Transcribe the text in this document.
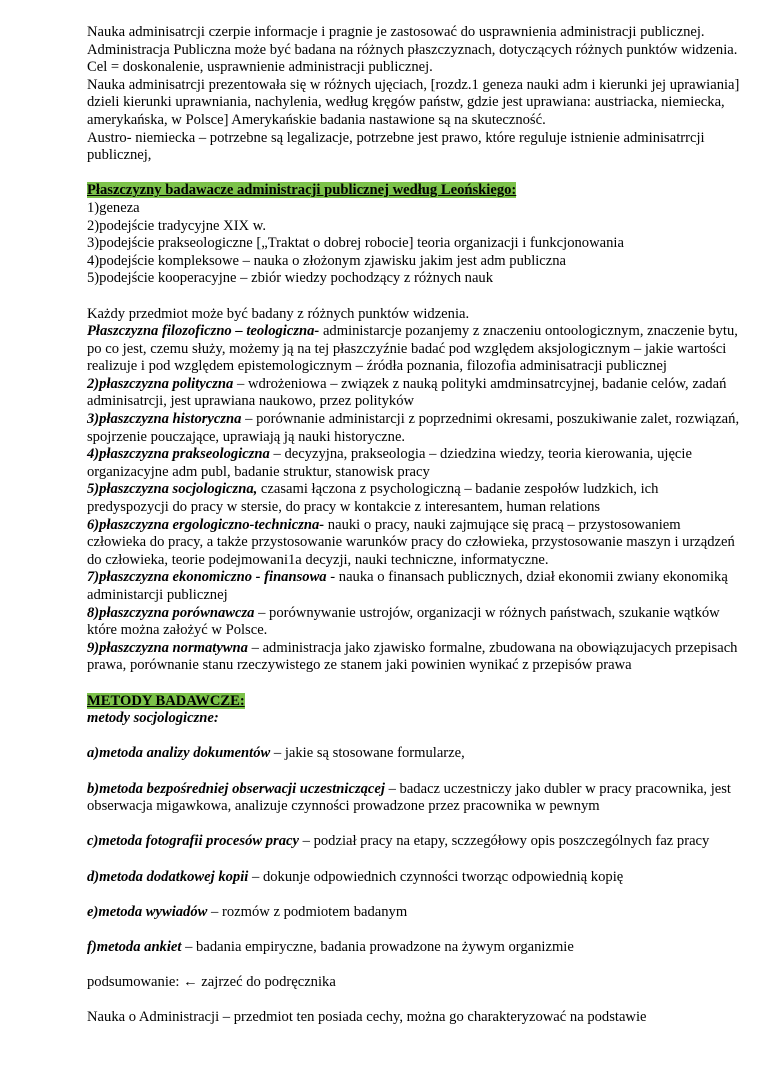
Nauka adminisatrcji czerpie informacje i pragnie je zastosować do usprawnienia administracji publicznej. Administracja Publiczna może być badana na różnych płaszczyznach, dotyczących różnych punktów widzenia. Cel = doskonalenie, usprawnienie administracji publicznej.

Nauka adminisatrcji prezentowała się w różnych ujęciach, [rozdz.1 geneza nauki adm i kierunki jej uprawiania] dzieli kierunki uprawniania, nachylenia, według kręgów państw, gdzie jest uprawiana: austriacka, niemiecka, amerykańska, w Polsce] Amerykańskie badania nastawione są na skuteczność.

Austro- niemiecka – potrzebne są legalizacje, potrzebne jest prawo, które reguluje istnienie adminisatrrcji publicznej,

Płaszczyzny badawacze administracji publicznej według Leońskiego:

1)geneza

2)podejście tradycyjne XIX w.

3)podejście prakseologiczne [„Traktat o dobrej robocie] teoria organizacji i funkcjonowania

4)podejście kompleksowe – nauka o złożonym zjawisku jakim jest adm publiczna

5)podejście kooperacyjne – zbiór wiedzy pochodzący z różnych nauk

Każdy przedmiot może być badany z różnych punktów widzenia.

Płaszczyzna filozoficzno – teologiczna- administarcje pozanjemy z znaczeniu ontoologicznym, znaczenie bytu, po co jest, czemu służy, możemy ją na tej płaszczyźnie badać pod względem aksjologicznym – jakie wartości realizuje i pod względem epistemologicznym – źródła poznania, filozofia adminisatracji publicznej

2)płaszczyzna polityczna – wdrożeniowa – związek z nauką polityki amdminsatrcyjnej, badanie celów, zadań adminisatrcji, jest uprawiana naukowo, przez polityków

3)płaszczyzna historyczna – porównanie administarcji z poprzednimi okresami, poszukiwanie zalet, rozwiązań, spojrzenie pouczające, uprawiają ją nauki historyczne.

4)płaszczyzna prakseologiczna – decyzyjna, prakseologia – dziedzina wiedzy, teoria kierowania, ujęcie organizacyjne adm publ, badanie struktur, stanowisk pracy

5)płaszczyzna socjologiczna, czasami łączona z psychologiczną – badanie zespołów ludzkich, ich predyspozycji do pracy w stersie, do pracy w kontakcie z interesantem, human relations

6)płaszczyzna ergologiczno-techniczna- nauki o pracy, nauki zajmujące się pracą – przystosowaniem człowieka do pracy, a także przystosowanie warunków pracy do człowieka, przystosowanie maszyn i urządzeń do człowieka, teorie podejmowani1a decyzji, nauki techniczne, informatyczne.

7)płaszczyzna ekonomiczno - finansowa - nauka o finansach publicznych, dział ekonomii zwiany ekonomiką administarcji publicznej

8)płaszczyzna porównawcza – porównywanie ustrojów, organizacji w różnych państwach, szukanie wątków które można założyć w Polsce.

9)płaszczyzna normatywna – administracja jako zjawisko formalne, zbudowana na obowiązujacych przepisach prawa, porównanie stanu rzeczywistego ze stanem jaki powinien wynikać z przepisów prawa

METODY BADAWCZE:

metody socjologiczne:

a)metoda analizy dokumentów – jakie są stosowane formularze,

b)metoda bezpośredniej obserwacji uczestniczącej – badacz uczestniczy jako dubler w pracy pracownika, jest obserwacja migawkowa, analizuje czynności prowadzone przez pracownika w pewnym

c)metoda fotografii procesów pracy – podział pracy na etapy, sczzegółowy opis poszczególnych faz pracy

d)metoda dodatkowej kopii – dokunje odpowiednich czynności tworząc odpowiednią kopię

e)metoda wywiadów – rozmów z podmiotem badanym

f)metoda ankiet – badania empiryczne, badania prowadzone na żywym organizmie

podsumowanie: ← zajrzeć do podręcznika

Nauka o Administracji – przedmiot ten posiada cechy, można go charakteryzować na podstawie
